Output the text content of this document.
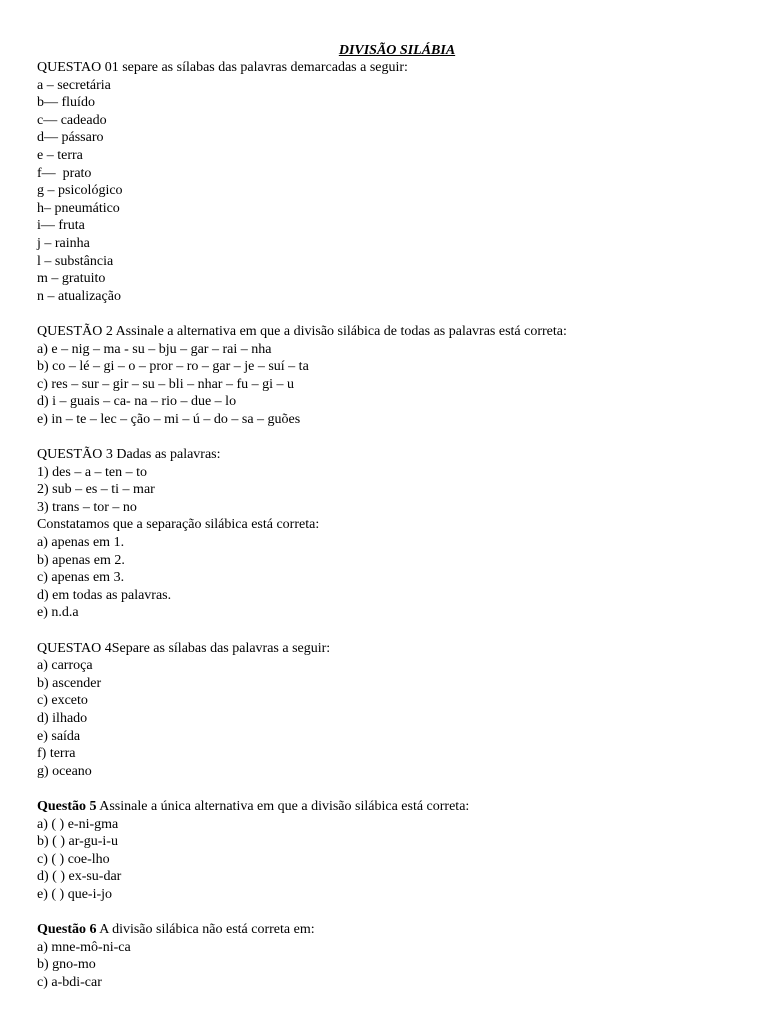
DIVISÃO SILÁBIA
QUESTAO 01 separe as sílabas das palavras demarcadas a seguir:
a – secretária
b— fluído
c— cadeado
d— pássaro
e – terra
f—  prato
g – psicológico
h– pneumático
i— fruta
j – rainha
l – substância
m – gratuito
n – atualização
QUESTÃO 2 Assinale a alternativa em que a divisão silábica de todas as palavras está correta:
a) e – nig – ma - su – bju – gar – rai – nha
b) co – lé – gi – o – pror – ro – gar – je – suí – ta
c) res – sur – gir – su – bli – nhar – fu – gi – u
d) i – guais – ca- na – rio – due – lo
e) in – te – lec – ção – mi – ú – do – sa – guões
QUESTÃO 3 Dadas as palavras:
1) des – a – ten – to
2) sub – es – ti – mar
3) trans – tor – no
Constatamos que a separação silábica está correta:
a) apenas em 1.
b) apenas em 2.
c) apenas em 3.
d) em todas as palavras.
e) n.d.a
QUESTAO 4Separe as sílabas das palavras a seguir:
a) carroça
b) ascender
c) exceto
d) ilhado
e) saída
f) terra
g) oceano
Questão 5 Assinale a única alternativa em que a divisão silábica está correta:
a) ( ) e-ni-gma
b) ( ) ar-gu-i-u
c) ( ) coe-lho
d) ( ) ex-su-dar
e) ( ) que-i-jo
Questão 6 A divisão silábica não está correta em:
a) mne-mô-ni-ca
b) gno-mo
c) a-bdi-car
